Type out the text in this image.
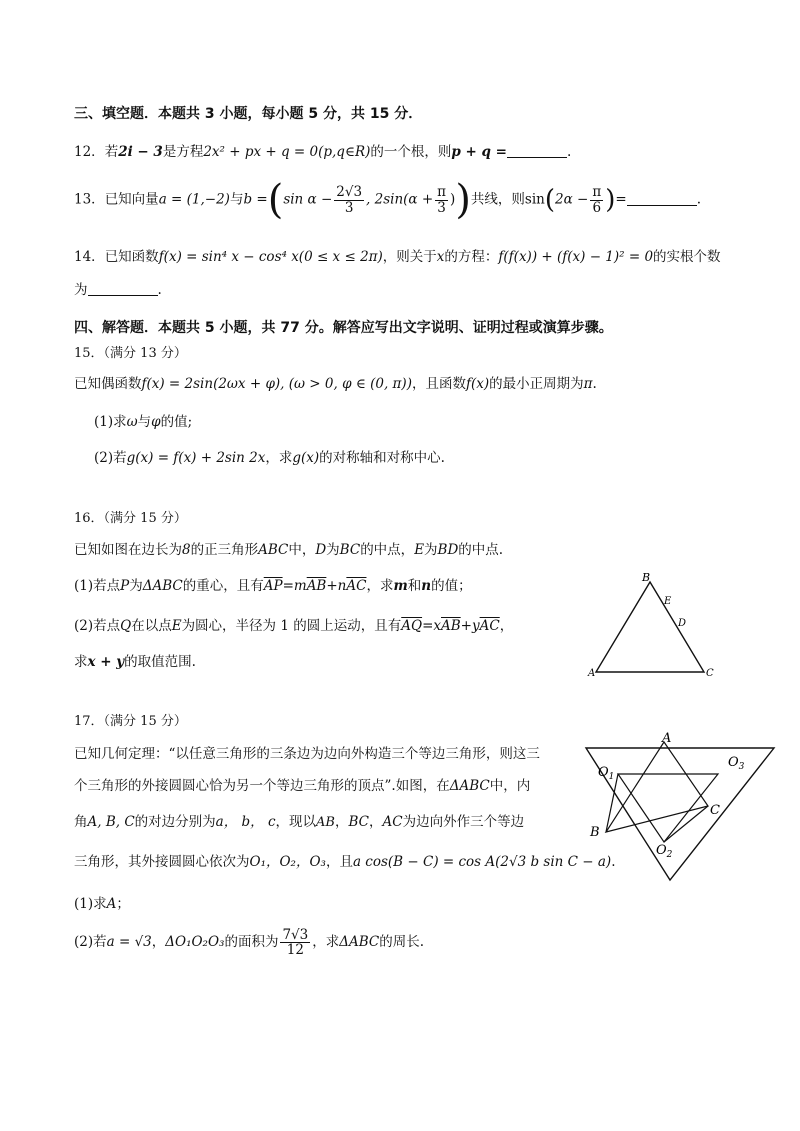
三、填空题．本题共 3 小题，每小题 5 分，共 15 分．
12．若2i − 3是方程2x² + px + q = 0(p,q∈R)的一个根，则p + q =	.
13．已知向量a = (1,−2)与b =(sin $\alpha - \frac{2√3}{3}$ , $2\sin(\alpha + \frac{\pi}{3}$ ))共线，则$\sin(2\alpha - \frac{\pi}{6}$ )=	.
14．已知函数f(x) = sin⁴ x − cos⁴ x(0 ≤ x ≤ 2π)，则关于x的方程：f(f(x)) + (f(x) − 1)² = 0的实根个数
为	.
四、解答题．本题共 5 小题，共 77 分。解答应写出文字说明、证明过程或演算步骤。
15．（满分 13 分）
已知偶函数f(x) = 2sin(2ωx + φ), (ω > 0, φ ∈ (0, π))，且函数f(x)的最小正周期为π.
(1)求ω与φ的值;
(2)若g(x) = f(x) + 2sin 2x，求g(x)的对称轴和对称中心.
16．（满分 15 分）
已知如图在边长为8的正三角形ABC中，D为BC的中点，E为BD的中点.
(1)若点P为ΔABC的重心，且有$\overline{AP}=m\overline{AB}+n\overline{AC}$，求m和n的值；
(2)若点Q在以点E为圆心，半径为 1 的圆上运动，且有$\overline{AQ}=x\overline{AB}+y\overline{AC}$，
求x + y的取值范围.
B
E
D
A	C
17．（满分 15 分）
已知几何定理：“以任意三角形的三条边为边向外构造三个等边三角形，则这三
个三角形的外接圆圆心恰为另一个等边三角形的顶点”.如图，在ΔABC中，内
角A, B, C的对边分别为a， b， c，现以AB，BC，AC为边向外作三个等边
三角形，其外接圆圆心依次为O₁，O₂，O₃，且a cos(B − C) = cos A(2√3 b sin C − a).
(1)求A；
(2)若a = √3，ΔO₁O₂O₃的面积为 $\frac{7√3}{12}$ ，求ΔABC的周长.
A
$O_1$
$O_3$
B
C
$O_2$
